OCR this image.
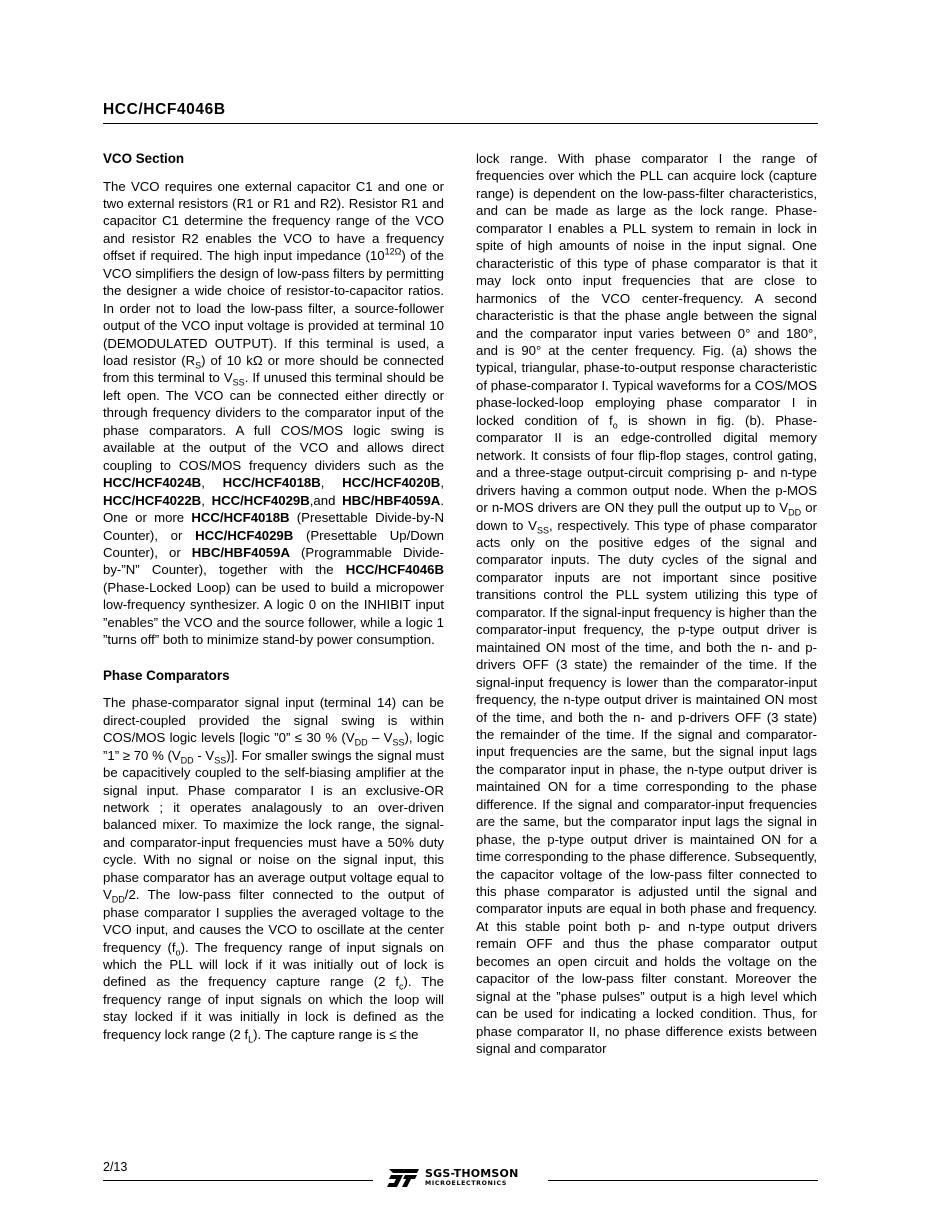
HCC/HCF4046B
VCO Section

The VCO requires one external capacitor C1 and one or two external resistors (R1 or R1 and R2). Resistor R1 and capacitor C1 determine the frequency range of the VCO and resistor R2 enables the VCO to have a frequency offset if required. The high input impedance $(10^{12\Omega})$ of the VCO simplifiers the design of low-pass filters by permitting the designer a wide choice of resistor-to-capacitor ratios. In order not to load the low-pass filter, a source-follower output of the VCO input voltage is provided at terminal 10 (DEMODULATED OUTPUT). If this terminal is used, a load resistor $(R_S)$ of 10 kΩ or more should be connected from this terminal to $V_{SS}$. If unused this terminal should be left open. The VCO can be connected either directly or through frequency dividers to the comparator input of the phase comparators. A full COS/MOS logic swing is available at the output of the VCO and allows direct coupling to COS/MOS frequency dividers such as the HCC/HCF4024B, HCC/HCF4018B, HCC/HCF4020B, HCC/HCF4022B, HCC/HCF4029B,and HBC/HBF4059A. One or more HCC/HCF4018B (Presettable Divide-by-N Counter), or HCC/HCF4029B (Presettable Up/Down Counter), or HBC/HBF4059A (Programmable Divide-by-”N” Counter), together with the HCC/HCF4046B (Phase-Locked Loop) can be used to build a micropower low-frequency synthesizer. A logic 0 on the INHIBIT input ”enables” the VCO and the source follower, while a logic 1 ”turns off” both to minimize stand-by power consumption.

Phase Comparators

The phase-comparator signal input (terminal 14) can be direct-coupled provided the signal swing is within COS/MOS logic levels [logic ”0” ≤ 30 % $(V_{DD} - V_{SS})$, logic ”1” ≥ 70 % $(V_{DD} - V_{SS})$]. For smaller swings the signal must be capacitively coupled to the self-biasing amplifier at the signal input. Phase comparator I is an exclusive-OR network ; it operates analagously to an over-driven balanced mixer. To maximize the lock range, the signal-and comparator-input frequencies must have a 50% duty cycle. With no signal or noise on the signal input, this phase comparator has an average output voltage equal to $V_{DD}/2$. The low-pass filter connected to the output of phase comparator I supplies the averaged voltage to the VCO input, and causes the VCO to oscillate at the center frequency $(f_o)$. The frequency range of input signals on which the PLL will lock if it was initially out of lock is defined as the frequency capture range (2 $f_c$). The frequency range of input signals on which the loop will stay locked if it was initially in lock is defined as the frequency lock range (2 $f_L$). The capture range is ≤ the

lock range. With phase comparator I the range of frequencies over which the PLL can acquire lock (capture range) is dependent on the low-pass-filter characteristics, and can be made as large as the lock range. Phase-comparator I enables a PLL system to remain in lock in spite of high amounts of noise in the input signal. One characteristic of this type of phase comparator is that it may lock onto input frequencies that are close to harmonics of the VCO center-frequency. A second characteristic is that the phase angle between the signal and the comparator input varies between 0° and 180°, and is 90° at the center frequency. Fig. (a) shows the typical, triangular, phase-to-output response characteristic of phase-comparator I. Typical waveforms for a COS/MOS phase-locked-loop employing phase comparator I in locked condition of $f_o$ is shown in fig. (b). Phase-comparator II is an edge-controlled digital memory network. It consists of four flip-flop stages, control gating, and a three-stage output-circuit comprising p- and n-type drivers having a common output node. When the p-MOS or n-MOS drivers are ON they pull the output up to $V_{DD}$ or down to $V_{SS}$, respectively. This type of phase comparator acts only on the positive edges of the signal and comparator inputs. The duty cycles of the signal and comparator inputs are not important since positive transitions control the PLL system utilizing this type of comparator. If the signal-input frequency is higher than the comparator-input frequency, the p-type output driver is maintained ON most of the time, and both the n- and p-drivers OFF (3 state) the remainder of the time. If the signal-input frequency is lower than the comparator-input frequency, the n-type output driver is maintained ON most of the time, and both the n- and p-drivers OFF (3 state) the remainder of the time. If the signal and comparator-input frequencies are the same, but the signal input lags the comparator input in phase, the n-type output driver is maintained ON for a time corresponding to the phase difference. If the signal and comparator-input frequencies are the same, but the comparator input lags the signal in phase, the p-type output driver is maintained ON for a time corresponding to the phase difference. Subsequently, the capacitor voltage of the low-pass filter connected to this phase comparator is adjusted until the signal and comparator inputs are equal in both phase and frequency. At this stable point both p- and n-type output drivers remain OFF and thus the phase comparator output becomes an open circuit and holds the voltage on the capacitor of the low-pass filter constant. Moreover the signal at the ”phase pulses” output is a high level which can be used for indicating a locked condition. Thus, for phase comparator II, no phase difference exists between signal and comparator

2/13	SGS-THOMSON
MICROELECTRONICS
